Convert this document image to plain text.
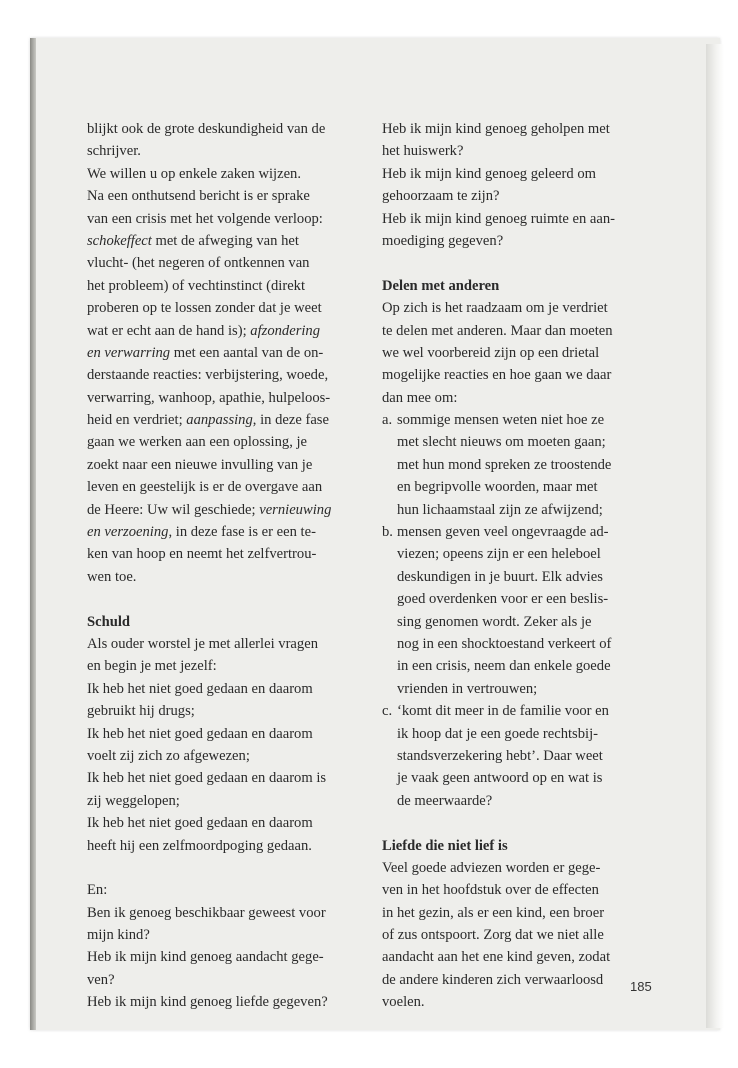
blijkt ook de grote deskundigheid van de
schrijver.
We willen u op enkele zaken wijzen.
Na een onthutsend bericht is er sprake
van een crisis met het volgende verloop:
schokeffect met de afweging van het
vlucht- (het negeren of ontkennen van
het probleem) of vechtinstinct (direkt
proberen op te lossen zonder dat je weet
wat er echt aan de hand is); afzondering
en verwarring met een aantal van de on-
derstaande reacties: verbijstering, woede,
verwarring, wanhoop, apathie, hulpeloos-
heid en verdriet; aanpassing, in deze fase
gaan we werken aan een oplossing, je
zoekt naar een nieuwe invulling van je
leven en geestelijk is er de overgave aan
de Heere: Uw wil geschiede; vernieuwing
en verzoening, in deze fase is er een te-
ken van hoop en neemt het zelfvertrou-
wen toe.
Schuld
Als ouder worstel je met allerlei vragen
en begin je met jezelf:
Ik heb het niet goed gedaan en daarom
gebruikt hij drugs;
Ik heb het niet goed gedaan en daarom
voelt zij zich zo afgewezen;
Ik heb het niet goed gedaan en daarom is
zij weggelopen;
Ik heb het niet goed gedaan en daarom
heeft hij een zelfmoordpoging gedaan.
En:
Ben ik genoeg beschikbaar geweest voor
mijn kind?
Heb ik mijn kind genoeg aandacht gege-
ven?
Heb ik mijn kind genoeg liefde gegeven?
Heb ik mijn kind genoeg geholpen met
het huiswerk?
Heb ik mijn kind genoeg geleerd om
gehoorzaam te zijn?
Heb ik mijn kind genoeg ruimte en aan-
moediging gegeven?
Delen met anderen
Op zich is het raadzaam om je verdriet
te delen met anderen. Maar dan moeten
we wel voorbereid zijn op een drietal
mogelijke reacties en hoe gaan we daar
dan mee om:
a. sommige mensen weten niet hoe ze
met slecht nieuws om moeten gaan;
met hun mond spreken ze troostende
en begripvolle woorden, maar met
hun lichaamstaal zijn ze afwijzend;
b. mensen geven veel ongevraagde ad-
viezen; opeens zijn er een heleboel
deskundigen in je buurt. Elk advies
goed overdenken voor er een beslis-
sing genomen wordt. Zeker als je
nog in een shocktoestand verkeert of
in een crisis, neem dan enkele goede
vrienden in vertrouwen;
c. ‘komt dit meer in de familie voor en
ik hoop dat je een goede rechtsbij-
standsverzekering hebt’. Daar weet
je vaak geen antwoord op en wat is
de meerwaarde?
Liefde die niet lief is
Veel goede adviezen worden er gege-
ven in het hoofdstuk over de effecten
in het gezin, als er een kind, een broer
of zus ontspoort. Zorg dat we niet alle
aandacht aan het ene kind geven, zodat
de andere kinderen zich verwaarloosd
voelen.
185
